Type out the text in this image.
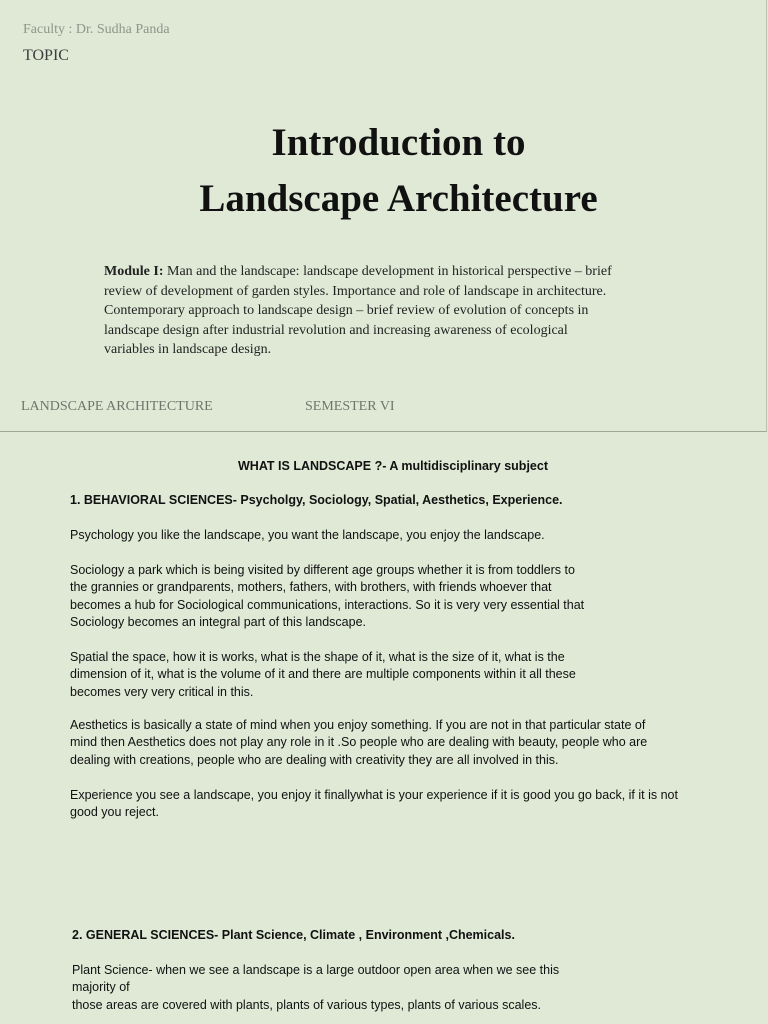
Faculty : Dr. Sudha Panda
TOPIC
Introduction to
Landscape Architecture
Module I: Man and the landscape: landscape development in historical perspective – brief
review of development of garden styles. Importance and role of landscape in architecture.
Contemporary approach to landscape design – brief review of evolution of concepts in
landscape design after industrial revolution and increasing awareness of ecological
variables in landscape design.
LANDSCAPE ARCHITECTURE	SEMESTER VI
WHAT IS LANDSCAPE ?- A multidisciplinary subject
1. BEHAVIORAL SCIENCES- Psycholgy, Sociology, Spatial, Aesthetics, Experience.
Psychology you like the landscape, you want the landscape, you enjoy the landscape.
Sociology a park which is being visited by different age groups whether it is from toddlers to
the grannies or grandparents, mothers, fathers, with brothers, with friends whoever that
becomes a hub for Sociological communications, interactions. So it is very very essential that
Sociology becomes an integral part of this landscape.
Spatial the space, how it is works, what is the shape of it, what is the size of it, what is the
dimension of it, what is the volume of it and there are multiple components within it all these
becomes very very critical in this.
Aesthetics is basically a state of mind when you enjoy something. If you are not in that particular state of
mind then Aesthetics does not play any role in it .So people who are dealing with beauty, people who are
dealing with creations, people who are dealing with creativity they are all involved in this.
Experience you see a landscape, you enjoy it finallywhat is your experience if it is good you go back, if it is not
good you reject.
2. GENERAL SCIENCES- Plant Science, Climate , Environment ,Chemicals.
Plant Science- when we see a landscape is a large outdoor open area when we see this
majority of
those areas are covered with plants, plants of various types, plants of various scales.
